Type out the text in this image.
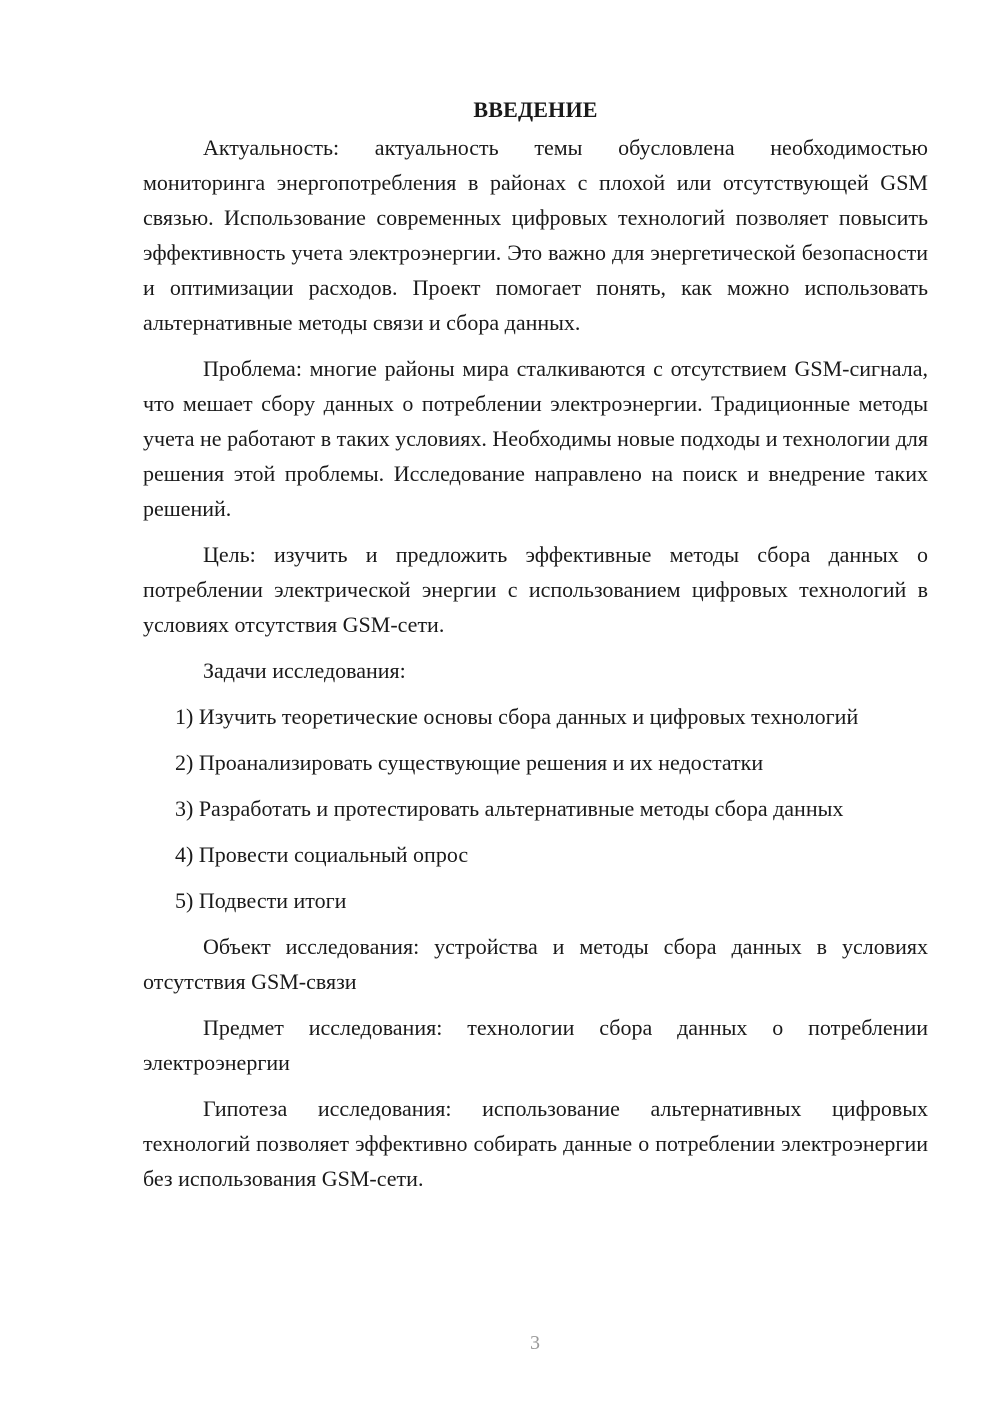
ВВЕДЕНИЕ

Актуальность: актуальность темы обусловлена необходимостью мониторинга энергопотребления в районах с плохой или отсутствующей GSM связью. Использование современных цифровых технологий позволяет повысить эффективность учета электроэнергии. Это важно для энергетической безопасности и оптимизации расходов. Проект помогает понять, как можно использовать альтернативные методы связи и сбора данных.

Проблема: многие районы мира сталкиваются с отсутствием GSM-сигнала, что мешает сбору данных о потреблении электроэнергии. Традиционные методы учета не работают в таких условиях. Необходимы новые подходы и технологии для решения этой проблемы. Исследование направлено на поиск и внедрение таких решений.

Цель: изучить и предложить эффективные методы сбора данных о потреблении электрической энергии с использованием цифровых технологий в условиях отсутствия GSM-сети.

Задачи исследования:

1) Изучить теоретические основы сбора данных и цифровых технологий

2) Проанализировать существующие решения и их недостатки

3) Разработать и протестировать альтернативные методы сбора данных

4) Провести социальный опрос

5) Подвести итоги

Объект исследования: устройства и методы сбора данных в условиях отсутствия GSM-связи

Предмет исследования: технологии сбора данных о потреблении электроэнергии

Гипотеза исследования: использование альтернативных цифровых технологий позволяет эффективно собирать данные о потреблении электроэнергии без использования GSM-сети.

3
